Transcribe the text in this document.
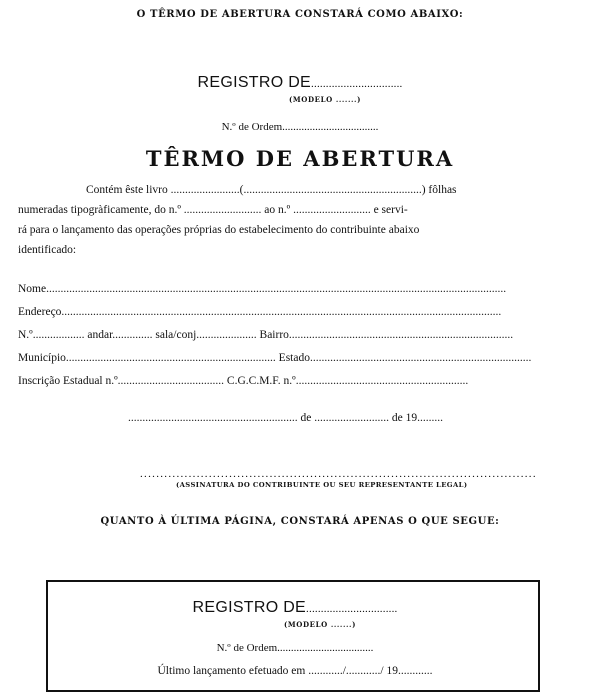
O TÊRMO DE ABERTURA CONSTARÁ COMO ABAIXO:
REGISTRO DE...............................
(MODELO .......)
N.º de Ordem...................................
TÊRMO DE ABERTURA
Contém êste livro ........................(..............................................................) fôlhas
numeradas tipogràficamente, do n.º ........................... ao n.º ........................... e servi-
rá para o lançamento das operações próprias do estabelecimento do contribuinte abaixo
identificado:
Nome................................................................................................................................................................
Endereço.........................................................................................................................................................
N.º.................. andar.............. sala/conj..................... Bairro..............................................................................
Município......................................................................... Estado.............................................................................
Inscrição Estadual n.º..................................... C.G.C.M.F. n.º............................................................
........................................................... de .......................... de 19.........
..................................................................................................
(ASSINATURA DO CONTRIBUINTE OU SEU REPRESENTANTE LEGAL)
QUANTO À ÚLTIMA PÁGINA, CONSTARÁ APENAS O QUE SEGUE:
REGISTRO DE...............................
(MODELO .......)
N.º de Ordem...................................
Último lançamento efetuado em ............/............/ 19............
